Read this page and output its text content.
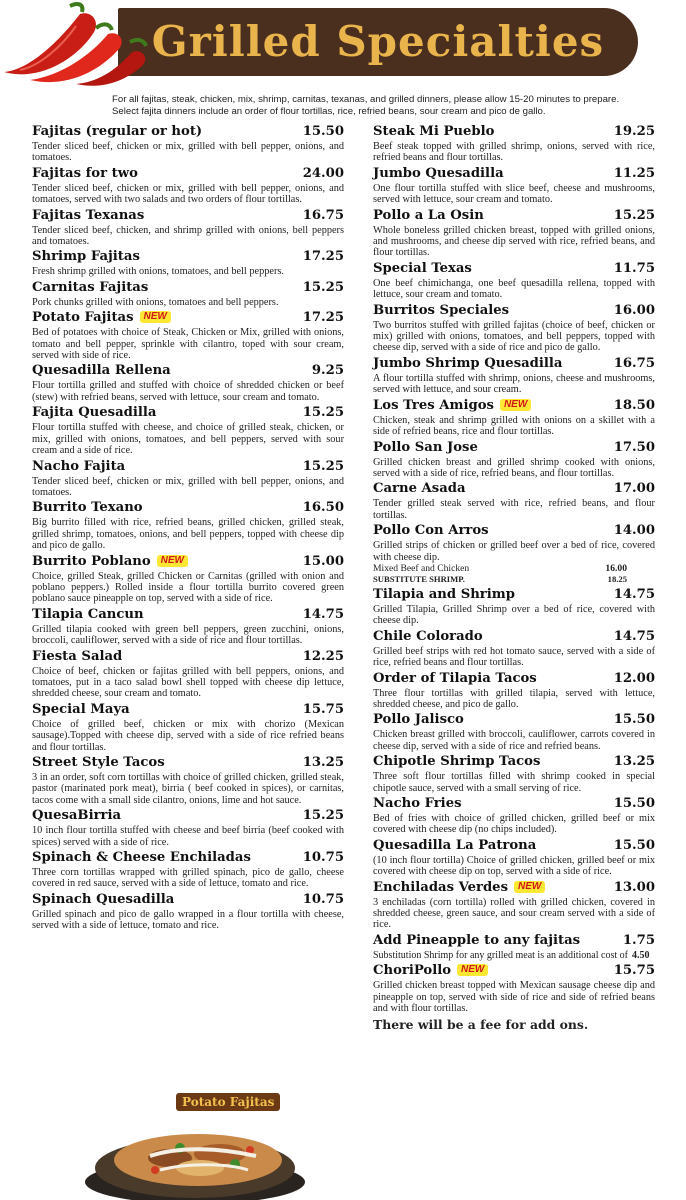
Grilled Specialties
For all fajitas, steak, chicken, mix, shrimp, carnitas, texanas, and grilled dinners, please allow 15-20 minutes to prepare. Select fajita dinners include an order of flour tortillas, rice, refried beans, sour cream and pico de gallo.
Fajitas (regular or hot)	15.50
Tender sliced beef, chicken or mix, grilled with bell pepper, onions, and tomatoes.
Fajitas for two	24.00
Tender sliced beef, chicken or mix, grilled with bell pepper, onions, and tomatoes, served with two salads and two orders of flour tortillas.
Fajitas Texanas	16.75
Tender sliced beef, chicken, and shrimp grilled with onions, bell peppers and tomatoes.
Shrimp Fajitas	17.25
Fresh shrimp grilled with onions, tomatoes, and bell peppers.
Carnitas Fajitas	15.25
Pork chunks grilled with onions, tomatoes and bell peppers.
Potato Fajitas NEW	17.25
Bed of potatoes with choice of Steak, Chicken or Mix, grilled with onions, tomato and bell pepper, sprinkle with cilantro, toped with sour cream, served with side of rice.
Quesadilla Rellena	9.25
Flour tortilla grilled and stuffed with choice of shredded chicken or beef (stew) with refried beans, served with lettuce, sour cream and tomato.
Fajita Quesadilla	15.25
Flour tortilla stuffed with cheese, and choice of grilled steak, chicken, or mix, grilled with onions, tomatoes, and bell peppers, served with sour cream and a side of rice.
Nacho Fajita	15.25
Tender sliced beef, chicken or mix, grilled with bell pepper, onions, and tomatoes.
Burrito Texano	16.50
Big burrito filled with rice, refried beans, grilled chicken, grilled steak, grilled shrimp, tomatoes, onions, and bell peppers, topped with cheese dip and pico de gallo.
Burrito Poblano NEW	15.00
Choice, grilled Steak, grilled Chicken or Carnitas (grilled with onion and poblano peppers.) Rolled inside a flour tortilla burrito covered green poblano sauce pineapple on top, served with a side of rice.
Tilapia Cancun	14.75
Grilled tilapia cooked with green bell peppers, green zucchini, onions, broccoli, cauliflower, served with a side of rice and flour tortillas.
Fiesta Salad	12.25
Choice of beef, chicken or fajitas grilled with bell peppers, onions, and tomatoes, put in a taco salad bowl shell topped with cheese dip lettuce, shredded cheese, sour cream and tomato.
Special Maya	15.75
Choice of grilled beef, chicken or mix with chorizo (Mexican sausage).Topped with cheese dip, served with a side of rice refried beans and flour tortillas.
Street Style Tacos	13.25
3 in an order, soft corn tortillas with choice of grilled chicken, grilled steak, pastor (marinated pork meat), birria ( beef cooked in spices), or carnitas, tacos come with a small side cilantro, onions, lime and hot sauce.
QuesaBirria	15.25
10 inch flour tortilla stuffed with cheese and beef birria (beef cooked with spices) served with a side of rice.
Spinach & Cheese Enchiladas	10.75
Three corn tortillas wrapped with grilled spinach, pico de gallo, cheese covered in red sauce, served with a side of lettuce, tomato and rice.
Spinach Quesadilla	10.75
Grilled spinach and pico de gallo wrapped in a flour tortilla with cheese, served with a side of lettuce, tomato and rice.
Steak Mi Pueblo	19.25
Beef steak topped with grilled shrimp, onions, served with rice, refried beans and flour tortillas.
Jumbo Quesadilla	11.25
One flour tortilla stuffed with slice beef, cheese and mushrooms, served with lettuce, sour cream and tomato.
Pollo a La Osin	15.25
Whole boneless grilled chicken breast, topped with grilled onions, and mushrooms, and cheese dip served with rice, refried beans, and flour tortillas.
Special Texas	11.75
One beef chimichanga, one beef quesadilla rellena, topped with lettuce, sour cream and tomato.
Burritos Speciales	16.00
Two burritos stuffed with grilled fajitas (choice of beef, chicken or mix) grilled with onions, tomatoes, and bell peppers, topped with cheese dip, served with a side of rice and pico de gallo.
Jumbo Shrimp Quesadilla	16.75
A flour tortilla stuffed with shrimp, onions, cheese and mushrooms, served with lettuce, and sour cream.
Los Tres Amigos NEW	18.50
Chicken, steak and shrimp grilled with onions on a skillet with a side of refried beans, rice and flour tortillas.
Pollo San Jose	17.50
Grilled chicken breast and grilled shrimp cooked with onions, served with a side of rice, refried beans, and flour tortillas.
Carne Asada	17.00
Tender grilled steak served with rice, refried beans, and flour tortillas.
Pollo Con Arros	14.00
Grilled strips of chicken or grilled beef over a bed of rice, covered with cheese dip.
Mixed Beef and Chicken	16.00
SUBSTITUTE SHRIMP.	18.25
Tilapia and Shrimp	14.75
Grilled Tilapia, Grilled Shrimp over a bed of rice, covered with cheese dip.
Chile Colorado	14.75
Grilled beef strips with red hot tomato sauce, served with a side of rice, refried beans and flour tortillas.
Order of Tilapia Tacos	12.00
Three flour tortillas with grilled tilapia, served with lettuce, shredded cheese, and pico de gallo.
Pollo Jalisco	15.50
Chicken breast grilled with broccoli, cauliflower, carrots covered in cheese dip, served with a side of rice and refried beans.
Chipotle Shrimp Tacos	13.25
Three soft flour tortillas filled with shrimp cooked in special chipotle sauce, served with a small serving of rice.
Nacho Fries	15.50
Bed of fries with choice of grilled chicken, grilled beef or mix covered with cheese dip (no chips included).
Quesadilla La Patrona	15.50
(10 inch flour tortilla) Choice of grilled chicken, grilled beef or mix covered with cheese dip on top, served with a side of rice.
Enchiladas Verdes NEW	13.00
3 enchiladas (corn tortilla) rolled with grilled chicken, covered in shredded cheese, green sauce, and sour cream served with a side of rice.
Add Pineapple to any fajitas	1.75
Substitution Shrimp for any grilled meat is an additional cost of 4.50
ChoriPollo NEW	15.75
Grilled chicken breast topped with Mexican sausage cheese dip and pineapple on top, served with side of rice and side of refried beans and with flour tortillas.
There will be a fee for add ons.
Potato Fajitas
